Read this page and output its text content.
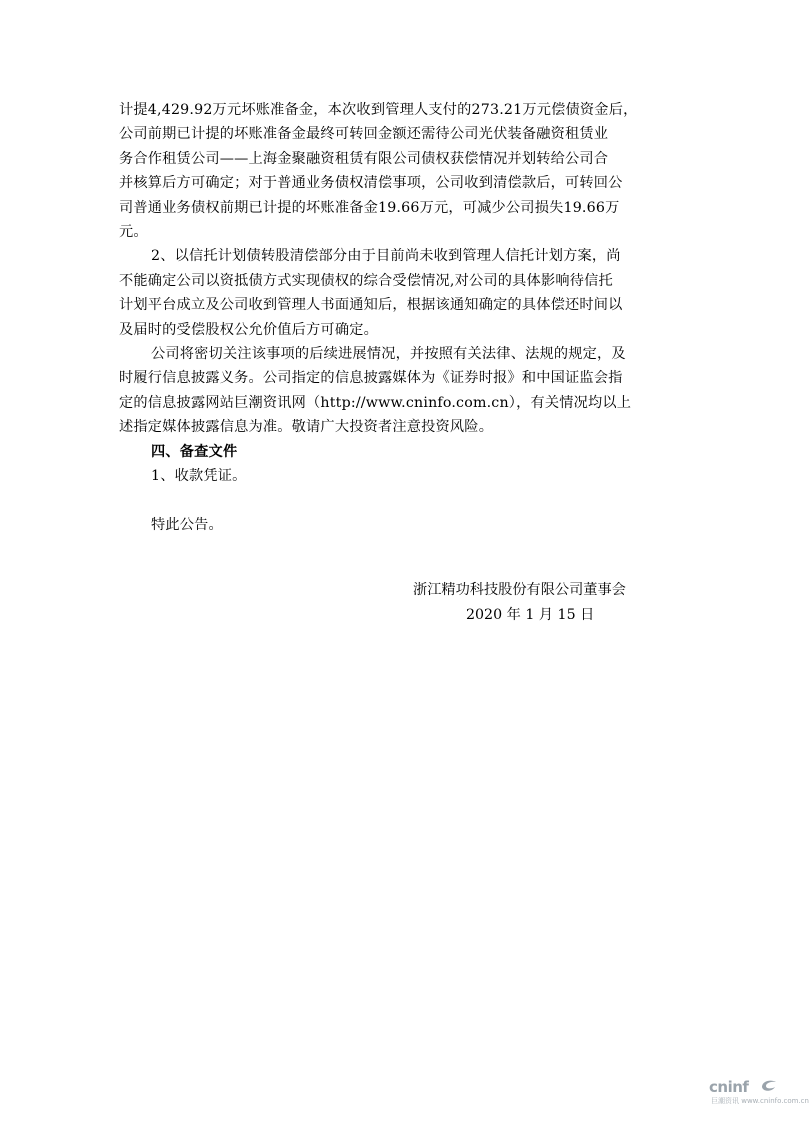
计提4,429.92万元坏账准备金，本次收到管理人支付的273.21万元偿债资金后，
公司前期已计提的坏账准备金最终可转回金额还需待公司光伏装备融资租赁业
务合作租赁公司——上海金聚融资租赁有限公司债权获偿情况并划转给公司合
并核算后方可确定；对于普通业务债权清偿事项，公司收到清偿款后，可转回公
司普通业务债权前期已计提的坏账准备金19.66万元，可减少公司损失19.66万
元。

2、以信托计划债转股清偿部分由于目前尚未收到管理人信托计划方案，尚
不能确定公司以资抵债方式实现债权的综合受偿情况,对公司的具体影响待信托
计划平台成立及公司收到管理人书面通知后，根据该通知确定的具体偿还时间以
及届时的受偿股权公允价值后方可确定。

公司将密切关注该事项的后续进展情况，并按照有关法律、法规的规定，及
时履行信息披露义务。公司指定的信息披露媒体为《证券时报》和中国证监会指
定的信息披露网站巨潮资讯网（http://www.cninfo.com.cn），有关情况均以上
述指定媒体披露信息为准。敬请广大投资者注意投资风险。

四、备查文件

1、收款凭证。

特此公告。

浙江精功科技股份有限公司董事会
2020 年 1 月 15 日
cninf
巨潮资讯 www.cninfo.com.cn
